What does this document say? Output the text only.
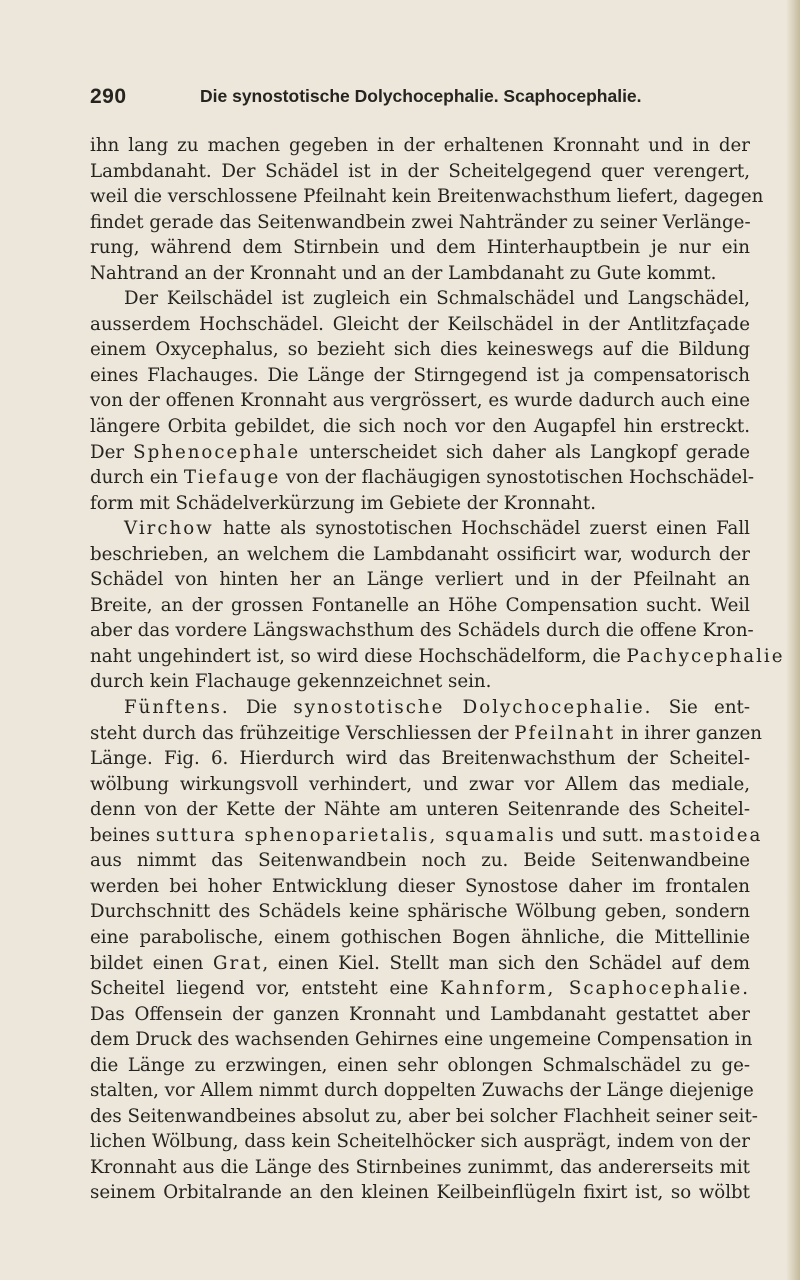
290	Die synostotische Dolychocephalie. Scaphocephalie.
ihn lang zu machen gegeben in der erhaltenen Kronnaht und in der
Lambdanaht. Der Schädel ist in der Scheitelgegend quer verengert,
weil die verschlossene Pfeilnaht kein Breitenwachsthum liefert, dagegen
findet gerade das Seitenwandbein zwei Nahtränder zu seiner Verlänge-
rung, während dem Stirnbein und dem Hinterhauptbein je nur ein
Nahtrand an der Kronnaht und an der Lambdanaht zu Gute kommt.
Der Keilschädel ist zugleich ein Schmalschädel und Langschädel,
ausserdem Hochschädel. Gleicht der Keilschädel in der Antlitzfaçade
einem Oxycephalus, so bezieht sich dies keineswegs auf die Bildung
eines Flachauges. Die Länge der Stirngegend ist ja compensatorisch
von der offenen Kronnaht aus vergrössert, es wurde dadurch auch eine
längere Orbita gebildet, die sich noch vor den Augapfel hin erstreckt.
Der Sphenocephale unterscheidet sich daher als Langkopf gerade
durch ein Tiefauge von der flachäugigen synostotischen Hochschädel-
form mit Schädelverkürzung im Gebiete der Kronnaht.
Virchow hatte als synostotischen Hochschädel zuerst einen Fall
beschrieben, an welchem die Lambdanaht ossificirt war, wodurch der
Schädel von hinten her an Länge verliert und in der Pfeilnaht an
Breite, an der grossen Fontanelle an Höhe Compensation sucht. Weil
aber das vordere Längswachsthum des Schädels durch die offene Kron-
naht ungehindert ist, so wird diese Hochschädelform, die Pachycephalie
durch kein Flachauge gekennzeichnet sein.
Fünftens. Die synostotische Dolychocephalie. Sie ent-
steht durch das frühzeitige Verschliessen der Pfeilnaht in ihrer ganzen
Länge. Fig. 6. Hierdurch wird das Breitenwachsthum der Scheitel-
wölbung wirkungsvoll verhindert, und zwar vor Allem das mediale,
denn von der Kette der Nähte am unteren Seitenrande des Scheitel-
beines suttura sphenoparietalis, squamalis und sutt. mastoidea
aus nimmt das Seitenwandbein noch zu. Beide Seitenwandbeine
werden bei hoher Entwicklung dieser Synostose daher im frontalen
Durchschnitt des Schädels keine sphärische Wölbung geben, sondern
eine parabolische, einem gothischen Bogen ähnliche, die Mittellinie
bildet einen Grat, einen Kiel. Stellt man sich den Schädel auf dem
Scheitel liegend vor, entsteht eine Kahnform, Scaphocephalie.
Das Offensein der ganzen Kronnaht und Lambdanaht gestattet aber
dem Druck des wachsenden Gehirnes eine ungemeine Compensation in
die Länge zu erzwingen, einen sehr oblongen Schmalschädel zu ge-
stalten, vor Allem nimmt durch doppelten Zuwachs der Länge diejenige
des Seitenwandbeines absolut zu, aber bei solcher Flachheit seiner seit-
lichen Wölbung, dass kein Scheitelhöcker sich ausprägt, indem von der
Kronnaht aus die Länge des Stirnbeines zunimmt, das andererseits mit
seinem Orbitalrande an den kleinen Keilbeinflügeln fixirt ist, so wölbt
